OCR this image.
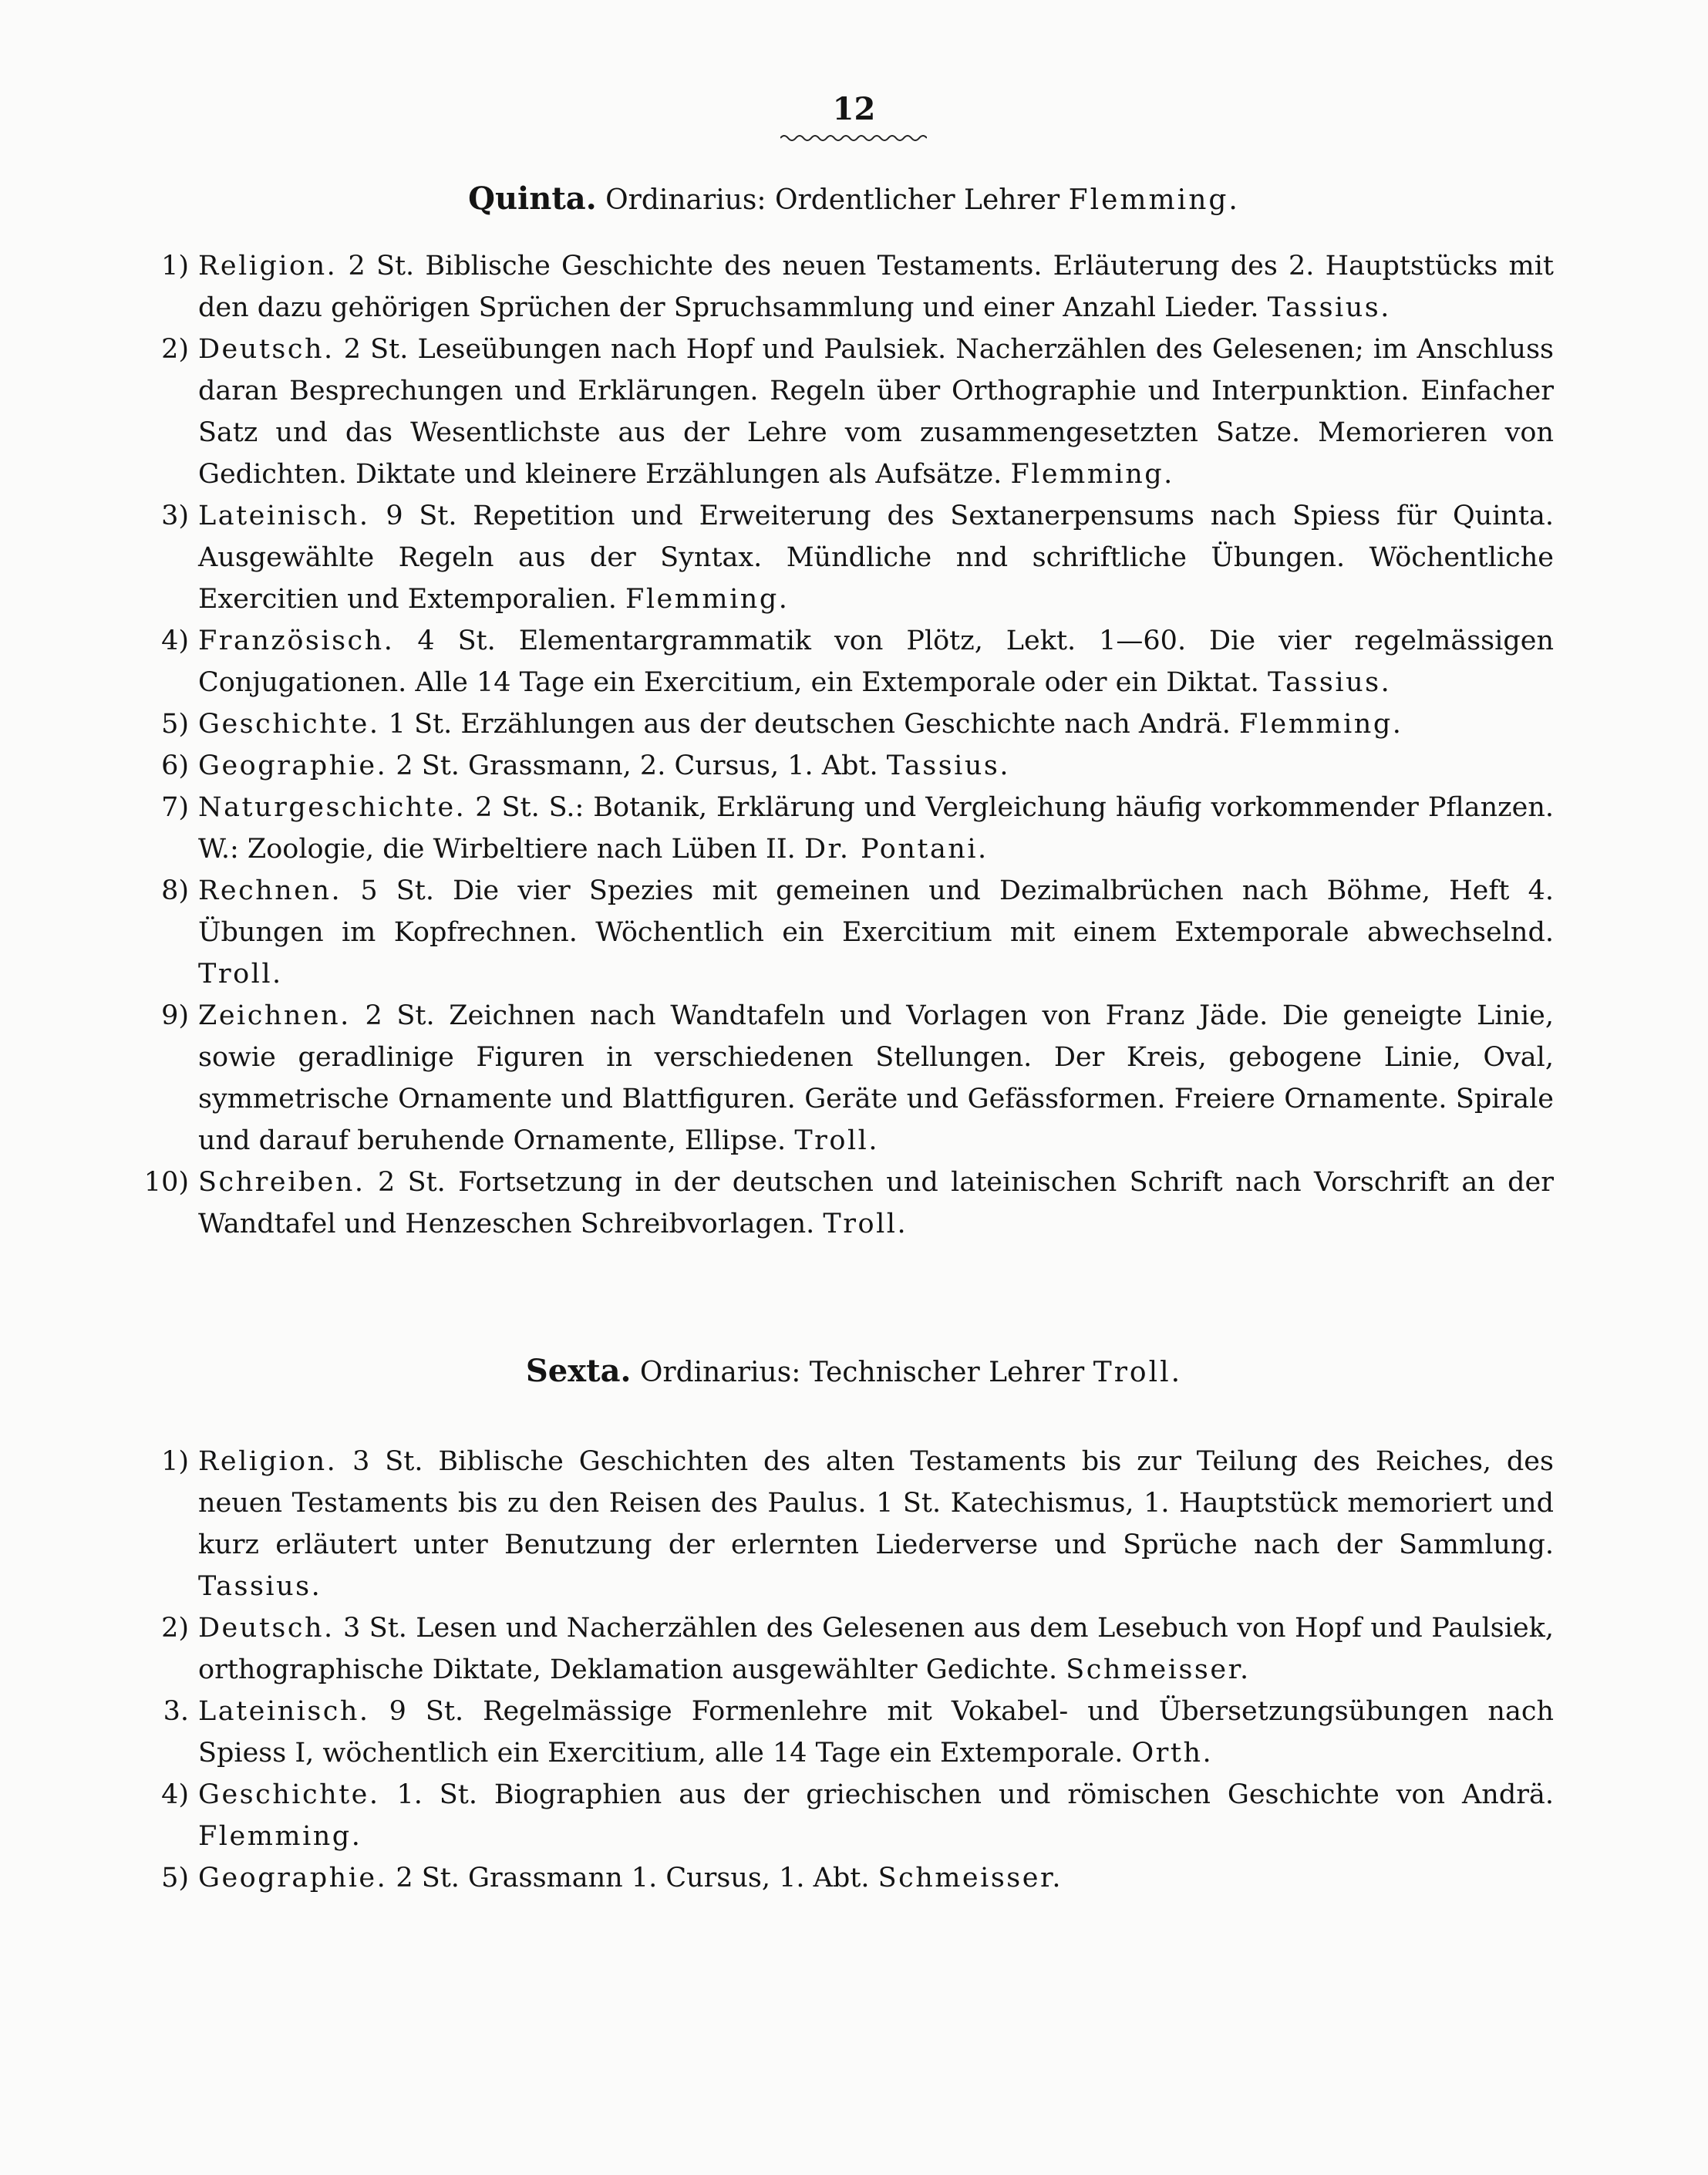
12
Quinta. Ordinarius: Ordentlicher Lehrer Flemming.
1) Religion. 2 St. Biblische Geschichte des neuen Testaments. Erläuterung des 2. Hauptstücks mit den dazu gehörigen Sprüchen der Spruchsammlung und einer Anzahl Lieder. Tassius.

2) Deutsch. 2 St. Leseübungen nach Hopf und Paulsiek. Nacherzählen des Gelesenen; im Anschluss daran Besprechungen und Erklärungen. Regeln über Orthographie und Interpunktion. Einfacher Satz und das Wesentlichste aus der Lehre vom zusammengesetzten Satze. Memorieren von Gedichten. Diktate und kleinere Erzählungen als Aufsätze. Flemming.

3) Lateinisch. 9 St. Repetition und Erweiterung des Sextanerpensums nach Spiess für Quinta. Ausgewählte Regeln aus der Syntax. Mündliche nnd schriftliche Übungen. Wöchentliche Exercitien und Extemporalien. Flemming.

4) Französisch. 4 St. Elementargrammatik von Plötz, Lekt. 1—60. Die vier regelmässigen Conjugationen. Alle 14 Tage ein Exercitium, ein Extemporale oder ein Diktat. Tassius.

5) Geschichte. 1 St. Erzählungen aus der deutschen Geschichte nach Andrä. Flemming.

6) Geographie. 2 St. Grassmann, 2. Cursus, 1. Abt. Tassius.

7) Naturgeschichte. 2 St. S.: Botanik, Erklärung und Vergleichung häufig vorkommender Pflanzen. W.: Zoologie, die Wirbeltiere nach Lüben II. Dr. Pontani.

8) Rechnen. 5 St. Die vier Spezies mit gemeinen und Dezimalbrüchen nach Böhme, Heft 4. Übungen im Kopfrechnen. Wöchentlich ein Exercitium mit einem Extemporale abwechselnd. Troll.

9) Zeichnen. 2 St. Zeichnen nach Wandtafeln und Vorlagen von Franz Jäde. Die geneigte Linie, sowie geradlinige Figuren in verschiedenen Stellungen. Der Kreis, gebogene Linie, Oval, symmetrische Ornamente und Blattfiguren. Geräte und Gefässformen. Freiere Ornamente. Spirale und darauf beruhende Ornamente, Ellipse. Troll.

10) Schreiben. 2 St. Fortsetzung in der deutschen und lateinischen Schrift nach Vorschrift an der Wandtafel und Henzeschen Schreibvorlagen. Troll.

Sexta. Ordinarius: Technischer Lehrer Troll.
1) Religion. 3 St. Biblische Geschichten des alten Testaments bis zur Teilung des Reiches, des neuen Testaments bis zu den Reisen des Paulus. 1 St. Katechismus, 1. Hauptstück memoriert und kurz erläutert unter Benutzung der erlernten Liederverse und Sprüche nach der Sammlung. Tassius.

2) Deutsch. 3 St. Lesen und Nacherzählen des Gelesenen aus dem Lesebuch von Hopf und Paulsiek, orthographische Diktate, Deklamation ausgewählter Gedichte. Schmeisser.

3. Lateinisch. 9 St. Regelmässige Formenlehre mit Vokabel- und Übersetzungsübungen nach Spiess I, wöchentlich ein Exercitium, alle 14 Tage ein Extemporale. Orth.

4) Geschichte. 1. St. Biographien aus der griechischen und römischen Geschichte von Andrä. Flemming.

5) Geographie. 2 St. Grassmann 1. Cursus, 1. Abt. Schmeisser.
